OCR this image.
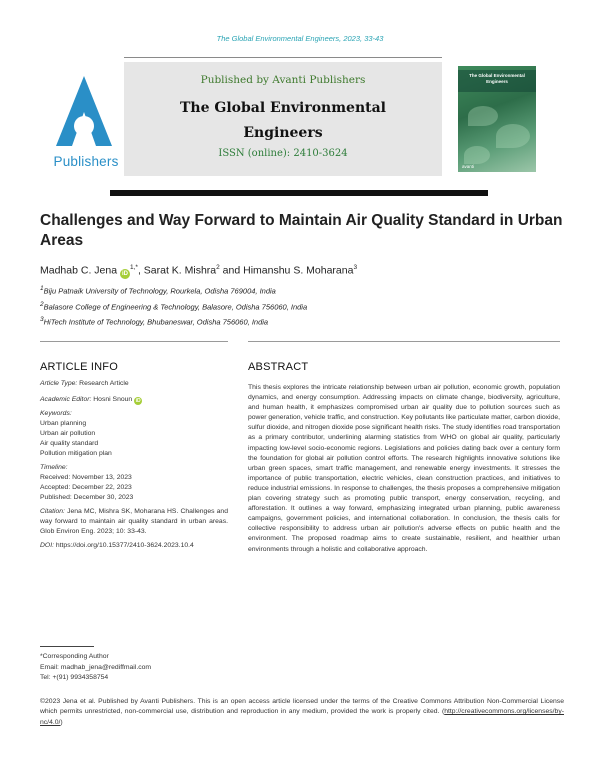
The Global Environmental Engineers, 2023, 33-43
Publishers
Published by Avanti Publishers
The Global Environmental
Engineers
ISSN (online): 2410-3624
The Global Environmental Engineers
avanti
Challenges and Way Forward to Maintain Air Quality Standard in Urban Areas
Madhab C. Jena $iD^{1,*}$, Sarat K. Mishra$^2$ and Himanshu S. Moharana$^3$
$^1$Biju Patnaik University of Technology, Rourkela, Odisha 769004, India
$^2$Balasore College of Engineering & Technology, Balasore, Odisha 756060, India
$^3$HiTech Institute of Technology, Bhubaneswar, Odisha 756060, India
ARTICLE INFO
Article Type: Research Article
Academic Editor: Hosni Snoun iD
Keywords:
Urban planning
Urban air pollution
Air quality standard
Pollution mitigation plan
Timeline:
Received: November 13, 2023
Accepted: December 22, 2023
Published: December 30, 2023
Citation: Jena MC, Mishra SK, Moharana HS. Challenges and way forward to maintain air quality standard in urban areas. Glob Environ Eng. 2023; 10: 33-43.
DOI: https://doi.org/10.15377/2410-3624.2023.10.4
ABSTRACT

This thesis explores the intricate relationship between urban air pollution, economic growth, population dynamics, and energy consumption. Addressing impacts on climate change, biodiversity, agriculture, and human health, it emphasizes compromised urban air quality due to pollution sources such as power generation, vehicle traffic, and construction. Key pollutants like particulate matter, carbon dioxide, sulfur dioxide, and nitrogen dioxide pose significant health risks. The study identifies road transportation as a primary contributor, underlining alarming statistics from WHO on global air quality, particularly impacting low-level socio-economic regions. Legislations and policies dating back over a century form the foundation for global air pollution control efforts. The research highlights innovative solutions like urban green spaces, smart traffic management, and renewable energy investments. It stresses the importance of public transportation, electric vehicles, clean construction practices, and initiatives to reduce industrial emissions. In response to challenges, the thesis proposes a comprehensive mitigation plan covering strategy such as promoting public transport, energy conservation, recycling, and afforestation. It outlines a way forward, emphasizing integrated urban planning, public awareness campaigns, government policies, and international collaboration. In conclusion, the thesis calls for collective responsibility to address urban air pollution's adverse effects on public health and the environment. The proposed roadmap aims to create sustainable, resilient, and healthier urban environments through a holistic and collaborative approach.

*Corresponding Author
Email: madhab_jena@rediffmail.com
Tel: +(91) 9934358754
©2023 Jena et al. Published by Avanti Publishers. This is an open access article licensed under the terms of the Creative Commons Attribution Non-Commercial License which permits unrestricted, non-commercial use, distribution and reproduction in any medium, provided the work is properly cited. (http://creativecommons.org/licenses/by-nc/4.0/)
